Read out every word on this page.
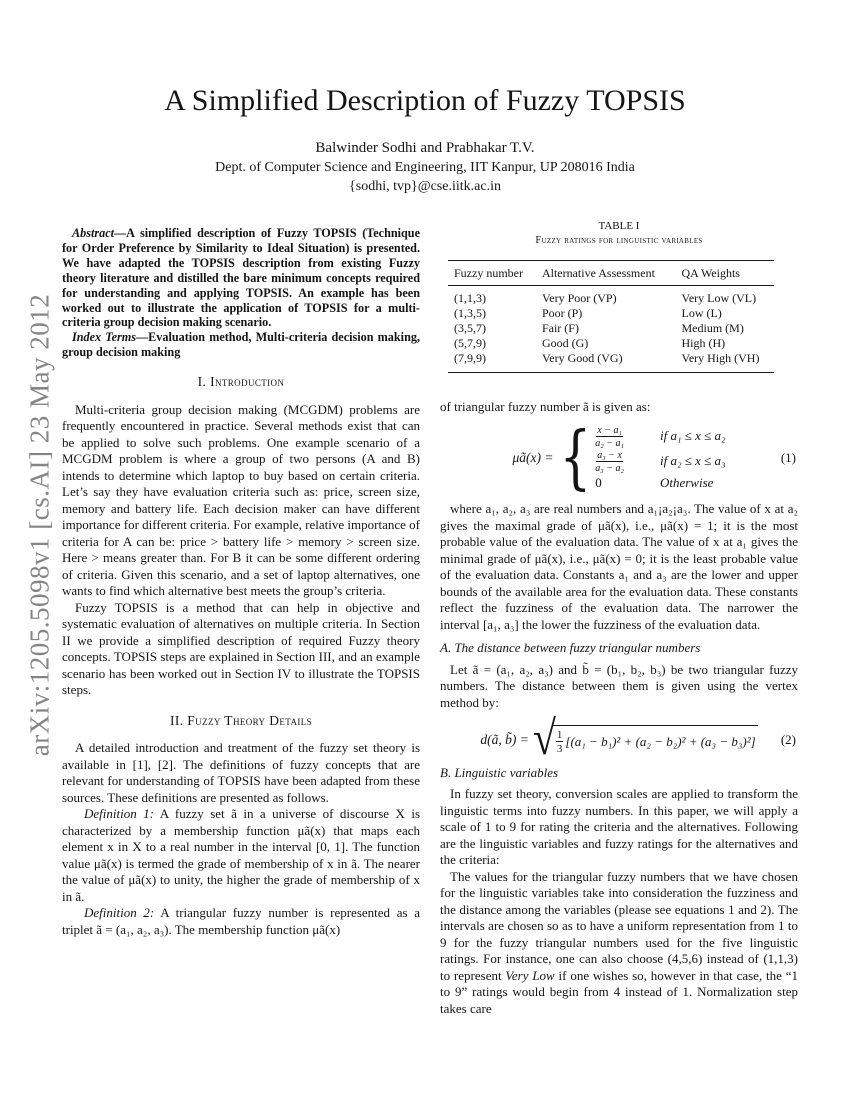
arXiv:1205.5098v1 [cs.AI] 23 May 2012
A Simplified Description of Fuzzy TOPSIS

Balwinder Sodhi and Prabhakar T.V.

Dept. of Computer Science and Engineering, IIT Kanpur, UP 208016 India

{sodhi, tvp}@cse.iitk.ac.in

Abstract—A simplified description of Fuzzy TOPSIS (Technique for Order Preference by Similarity to Ideal Situation) is presented. We have adapted the TOPSIS description from existing Fuzzy theory literature and distilled the bare minimum concepts required for understanding and applying TOPSIS. An example has been worked out to illustrate the application of TOPSIS for a multi-criteria group decision making scenario.

Index Terms—Evaluation method, Multi-criteria decision making, group decision making

I. Introduction

Multi-criteria group decision making (MCGDM) problems are frequently encountered in practice. Several methods exist that can be applied to solve such problems. One example scenario of a MCGDM problem is where a group of two persons (A and B) intends to determine which laptop to buy based on certain criteria. Let’s say they have evaluation criteria such as: price, screen size, memory and battery life. Each decision maker can have different importance for different criteria. For example, relative importance of criteria for A can be: price > battery life > memory > screen size. Here > means greater than. For B it can be some different ordering of criteria. Given this scenario, and a set of laptop alternatives, one wants to find which alternative best meets the group’s criteria.

Fuzzy TOPSIS is a method that can help in objective and systematic evaluation of alternatives on multiple criteria. In Section II we provide a simplified description of required Fuzzy theory concepts. TOPSIS steps are explained in Section III, and an example scenario has been worked out in Section IV to illustrate the TOPSIS steps.

II. Fuzzy Theory Details

A detailed introduction and treatment of the fuzzy set theory is available in [1], [2]. The definitions of fuzzy concepts that are relevant for understanding of TOPSIS have been adapted from these sources. These definitions are presented as follows.

Definition 1: A fuzzy set ã in a universe of discourse X is characterized by a membership function μã(x) that maps each element x in X to a real number in the interval [0, 1]. The function value μã(x) is termed the grade of membership of x in ã. The nearer the value of μã(x) to unity, the higher the grade of membership of x in ã.

Definition 2: A triangular fuzzy number is represented as a triplet ã = (a₁, a₂, a₃). The membership function μã(x)

TABLE I

Fuzzy ratings for linguistic variables

Fuzzy number	Alternative Assessment	QA Weights
(1,1,3)	Very Poor (VP)	Very Low (VL)
(1,3,5)	Poor (P)	Low (L)
(3,5,7)	Fair (F)	Medium (M)
(5,7,9)	Good (G)	High (H)
(7,9,9)	Very Good (VG)	Very High (VH)

of triangular fuzzy number ã is given as:

μã(x) = { $\frac{\text{x − a₁}}{\text{a₂ − a₁}}$	if a₁ ≤ x ≤ a₂
$\frac{\text{a₃ − x}}{\text{a₃ − a₂}}$	if a₂ ≤ x ≤ a₃
0	Otherwise
(1)

where a₁, a₂, a₃ are real numbers and a₁¡a₂¡a₃. The value of x at a₂ gives the maximal grade of μã(x), i.e., μã(x) = 1; it is the most probable value of the evaluation data. The value of x at a₁ gives the minimal grade of μã(x), i.e., μã(x) = 0; it is the least probable value of the evaluation data. Constants a₁ and a₃ are the lower and upper bounds of the available area for the evaluation data. These constants reflect the fuzziness of the evaluation data. The narrower the interval [a₁, a₃] the lower the fuzziness of the evaluation data.

A. The distance between fuzzy triangular numbers

Let ã = (a₁, a₂, a₃) and b̃ = (b₁, b₂, b₃) be two triangular fuzzy numbers. The distance between them is given using the vertex method by:

d(ã, b̃) = √ $\frac{1}{3} [(a_1 - b_1)^2 + (a_2 - b_2)^2 + (a_3 - b_3)^2]$ (2)

B. Linguistic variables

In fuzzy set theory, conversion scales are applied to transform the linguistic terms into fuzzy numbers. In this paper, we will apply a scale of 1 to 9 for rating the criteria and the alternatives. Following are the linguistic variables and fuzzy ratings for the alternatives and the criteria:

The values for the triangular fuzzy numbers that we have chosen for the linguistic variables take into consideration the fuzziness and the distance among the variables (please see equations 1 and 2). The intervals are chosen so as to have a uniform representation from 1 to 9 for the fuzzy triangular numbers used for the five linguistic ratings. For instance, one can also choose (4,5,6) instead of (1,1,3) to represent Very Low if one wishes so, however in that case, the “1 to 9” ratings would begin from 4 instead of 1. Normalization step takes care
